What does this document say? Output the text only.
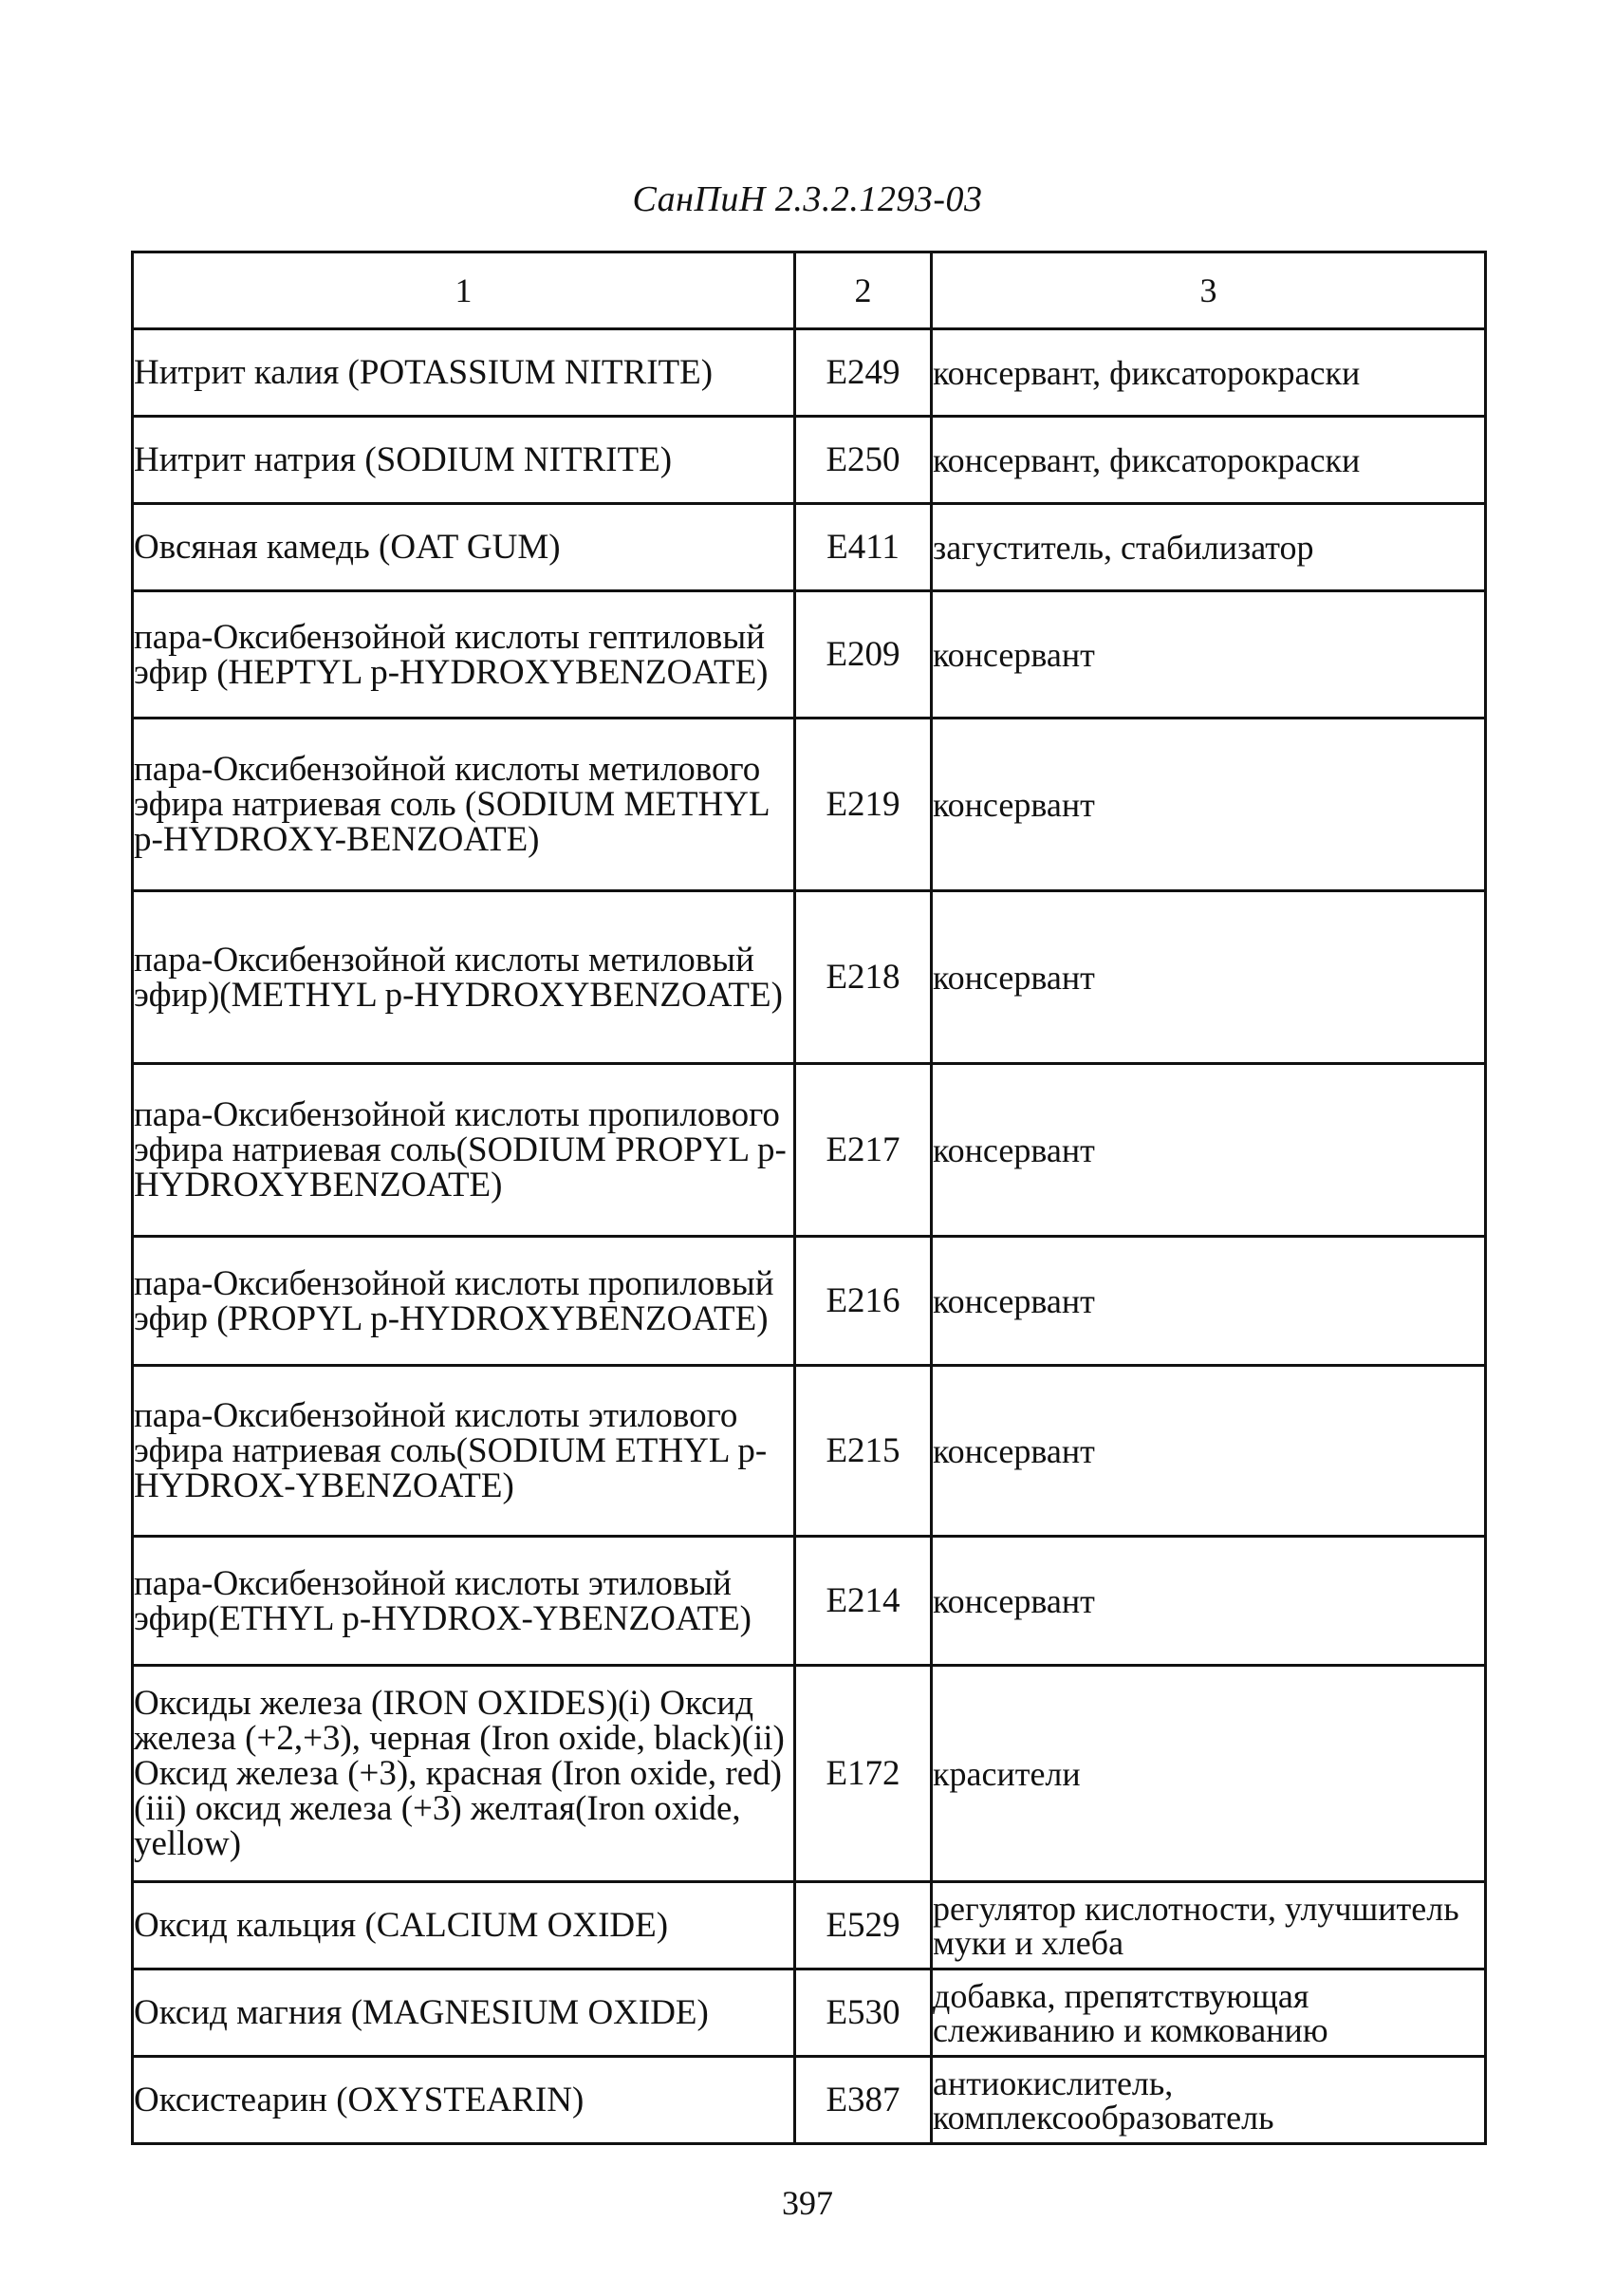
СанПиН 2.3.2.1293-03
1	2	3
Нитрит калия (POTASSIUM NITRITE)	E249	консервант, фиксаторокраски
Нитрит натрия (SODIUM NITRITE)	E250	консервант, фиксаторокраски
Овсяная камедь (OAT GUM)	E411	загуститель, стабилизатор
пара-Оксибензойной кислоты гептиловый эфир (HEPTYL p-HYDROXYBENZOATE)	E209	консервант
пара-Оксибензойной кислоты метилового эфира натриевая соль (SODIUM METHYL p-HYDROXY-BENZOATE)	E219	консервант
пара-Оксибензойной кислоты метиловый эфир)(METHYL p-HYDROXYBENZOATE)	E218	консервант
пара-Оксибензойной кислоты пропилового эфира натриевая соль(SODIUM PROPYL p-HYDROXYBENZOATE)	E217	консервант
пара-Оксибензойной кислоты пропиловый эфир (PROPYL p-HYDROXYBENZOATE)	E216	консервант
пара-Оксибензойной кислоты этилового эфира натриевая соль(SODIUM ETHYL p-HYDROX-YBENZOATE)	E215	консервант
пара-Оксибензойной кислоты этиловый эфир(ETHYL p-HYDROX-YBENZOATE)	E214	консервант
Оксиды железа (IRON OXIDES)(i) Оксид железа (+2,+3), черная (Iron oxide, black)(ii) Оксид железа (+3), красная (Iron oxide, red)(iii) оксид железа (+3) желтая(Iron oxide, yellow)	E172	красители
Оксид кальция (CALCIUM OXIDE)	E529	регулятор кислотности, улучшитель муки и хлеба
Оксид магния (MAGNESIUM OXIDE)	E530	добавка, препятствующая слеживанию и комкованию
Оксистеарин (OXYSTEARIN)	E387	антиокислитель, комплексообразователь
397
